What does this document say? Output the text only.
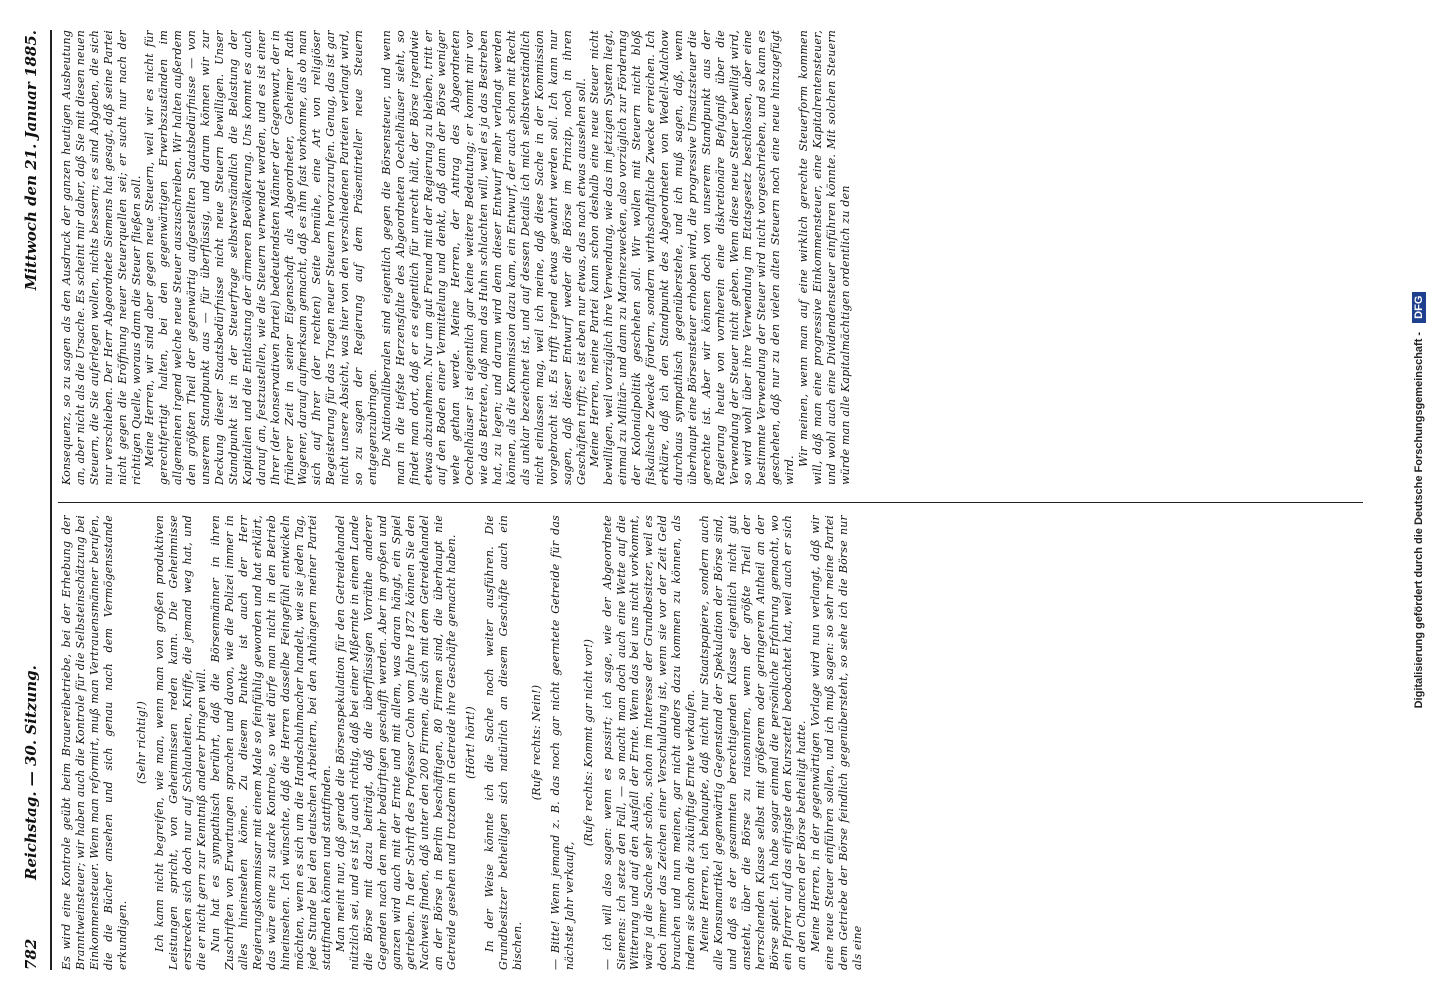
782
Reichstag. — 30. Sitzung.
Mittwoch den 21. Januar 1885.

Es wird eine Kontrole geübt beim Brauereibetriebe, bei der Erhebung der Branntweinsteuer; wir haben auch die Kontrole für die Selbsteinschätzung bei Einkommensteuer. Wenn man reformirt, muß man Vertrauensmänner berufen, die die Bücher ansehen und sich genau nach dem Vermögensstande erkundigen.

(Sehr richtig!) Ich kann nicht begreifen, wie man, wenn man von großen produktiven Leistungen spricht, von Geheimnissen reden kann. Die Geheimnisse erstrecken sich doch nur auf Schlauheiten, Kniffe, die jemand weg hat, und die er nicht gern zur Kenntniß anderer bringen will. Nun hat es sympathisch berührt, daß die Börsenmänner in ihren Zuschriften von Erwartungen sprachen und davon, wie die Polizei immer in alles hineinsehen könne. Zu diesem Punkte ist auch der Herr Regierungskommissar mit einem Male so feinfühlig geworden und hat erklärt, das wäre eine zu starke Kontrole, so weit dürfe man nicht in den Betrieb hineinsehen. Ich wünschte, daß die Herren dasselbe Feingefühl entwickeln möchten, wenn es sich um die Handschuhmacher handelt, wie sie jeden Tag, jede Stunde bei den deutschen Arbeitern, bei den Anhängern meiner Partei stattfinden können und stattfinden. Man meint nur, daß gerade die Börsenspekulation für den Getreidehandel nützlich sei, und es ist ja auch richtig, daß bei einer Mißernte in einem Lande die Börse mit dazu beiträgt, daß die überflüssigen Vorräthe anderer Gegenden nach den mehr bedürftigen geschafft werden. Aber im großen und ganzen wird auch mit der Ernte und mit allem, was daran hängt, ein Spiel getrieben. In der Schrift des Professor Cohn vom Jahre 1872 können Sie den Nachweis finden, daß unter den 200 Firmen, die sich mit dem Getreidehandel an der Börse in Berlin beschäftigen, 80 Firmen sind, die überhaupt nie Getreide gesehen und trotzdem in Getreide ihre Geschäfte gemacht haben. (Hört! hört!) In der Weise könnte ich die Sache noch weiter ausführen. Die Grundbesitzer betheiligen sich natürlich an diesem Geschäfte auch ein bischen.

(Rufe rechts: Nein!) — Bitte! Wenn jemand z. B. das noch gar nicht geerntete Getreide für das nächste Jahr verkauft,

(Rufe rechts: Kommt gar nicht vor!) — ich will also sagen: wenn es passirt; ich sage, wie der Abgeordnete Siemens: ich setze den Fall, — so macht man doch auch eine Wette auf die Witterung und auf den Ausfall der Ernte. Wenn das bei uns nicht vorkommt, wäre ja die Sache sehr schön, schon im Interesse der Grundbesitzer, weil es doch immer das Zeichen einer Verschuldung ist, wenn sie vor der Zeit Geld brauchen und nun meinen, gar nicht anders dazu kommen zu können, als indem sie schon die zukünftige Ernte verkaufen. Meine Herren, ich behaupte, daß nicht nur Staatspapiere, sondern auch alle Konsumartikel gegenwärtig Gegenstand der Spekulation der Börse sind, und daß es der gesammten berechtigenden Klasse eigentlich nicht gut ansteht, über die Börse zu raisonniren, wenn der größte Theil der herrschenden Klasse selbst mit größerem oder geringerem Antheil an der Börse spielt. Ich habe sogar einmal die persönliche Erfahrung gemacht, wo ein Pfarrer auf das eifrigste den Kurszettel beobachtet hat, weil auch er sich an den Chancen der Börse betheiligt hatte. Meine Herren, in der gegenwärtigen Vorlage wird nun verlangt, daß wir eine neue Steuer einführen sollen, und ich muß sagen: so sehr meine Partei dem Getriebe der Börse feindlich gegenübersteht, so sehe ich die Börse nur als eine

Konsequenz, so zu sagen als den Ausdruck der ganzen heutigen Ausbeutung an, aber nicht als die Ursache. Es scheint mir daher, daß Sie mit diesen neuen Steuern, die Sie auferlegen wollen, nichts bessern; es sind Abgaben, die sich nur verschieben. Der Herr Abgeordnete Siemens hat gesagt, daß seine Partei nicht gegen die Eröffnung neuer Steuerquellen sei; er sucht nur nach der richtigen Quelle, woraus dann die Steuer fließen soll. Meine Herren, wir sind aber gegen neue Steuern, weil wir es nicht für gerechtfertigt halten, bei den gegenwärtigen Erwerbszuständen im allgemeinen irgend welche neue Steuer auszuschreiben. Wir halten außerdem den größten Theil der gegenwärtig aufgestellten Staatsbedürfnisse — von unserem Standpunkt aus — für überflüssig, und darum können wir zur Deckung dieser Staatsbedürfnisse nicht neue Steuern bewilligen. Unser Standpunkt ist in der Steuerfrage selbstverständlich die Belastung der Kapitalien und die Entlastung der ärmeren Bevölkerung. Uns kommt es auch darauf an, festzustellen, wie die Steuern verwendet werden, und es ist einer Ihrer (der konservativen Partei) bedeutendsten Männer der Gegenwart, der in früherer Zeit in seiner Eigenschaft als Abgeordneter, Geheimer Rath Wagener, darauf aufmerksam gemacht, daß es ihm fast vorkomme, als ob man sich auf Ihrer (der rechten) Seite bemühe, eine Art von religiöser Begeisterung für das Tragen neuer Steuern hervorzurufen. Genug, das ist gar nicht unsere Absicht, was hier von den verschiedenen Parteien verlangt wird, so zu sagen der Regierung auf dem Präsentirteller neue Steuern entgegenzubringen. Die Nationalliberalen sind eigentlich gegen die Börsensteuer, und wenn man in die tiefste Herzensfalte des Abgeordneten Oechelhäuser sieht, so findet man dort, daß er es eigentlich für unrecht hält, der Börse irgendwie etwas abzunehmen. Nur um gut Freund mit der Regierung zu bleiben, tritt er auf den Boden einer Vermittelung und denkt, daß dann der Börse weniger wehe gethan werde. Meine Herren, der Antrag des Abgeordneten Oechelhäuser ist eigentlich gar keine weitere Bedeutung; er kommt mir vor wie das Betreten, daß man das Huhn schlachten will, weil es ja das Bestreben hat, zu legen; und darum wird denn dieser Entwurf mehr verlangt werden können, als die Kommission dazu kam, ein Entwurf, der auch schon mit Recht als unklar bezeichnet ist, und auf dessen Details ich mich selbstverständlich nicht einlassen mag, weil ich meine, daß diese Sache in der Kommission vorgebracht ist. Es trifft irgend etwas gewahrt werden soll. Ich kann nur sagen, daß dieser Entwurf weder die Börse im Prinzip, noch in ihren Geschäften trifft; es ist eben nur etwas, das nach etwas aussehen soll. Meine Herren, meine Partei kann schon deshalb eine neue Steuer nicht bewilligen, weil vorzüglich ihre Verwendung, wie das im jetzigen System liegt, einmal zu Militär- und dann zu Marinezwecken, also vorzüglich zur Förderung der Kolonialpolitik geschehen soll. Wir wollen mit Steuern nicht bloß fiskalische Zwecke fördern, sondern wirthschaftliche Zwecke erreichen. Ich erkläre, daß ich den Standpunkt des Abgeordneten von Wedell-Malchow durchaus sympathisch gegenüberstehe, und ich muß sagen, daß, wenn überhaupt eine Börsensteuer erhoben wird, die progressive Umsatzsteuer die gerechte ist. Aber wir können doch von unserem Standpunkt aus der Regierung heute von vornherein eine diskretionäre Befugniß über die Verwendung der Steuer nicht geben. Wenn diese neue Steuer bewilligt wird, so wird wohl über ihre Verwendung im Etatsgesetz beschlossen, aber eine bestimmte Verwendung der Steuer wird nicht vorgeschrieben, und so kann es geschehen, daß nur zu den vielen alten Steuern noch eine neue hinzugefügt wird.

Wir meinen, wenn man auf eine wirklich gerechte Steuerform kommen will, daß man eine progressive Einkommensteuer, eine Kapitalrentensteuer, und wohl auch eine Dividendensteuer einführen könnte. Mit solchen Steuern würde man alle Kapitalmächtigen ordentlich zu den	Digitalisierung gefördert durch die Deutsche Forschungsgemeinschaft - DFG
